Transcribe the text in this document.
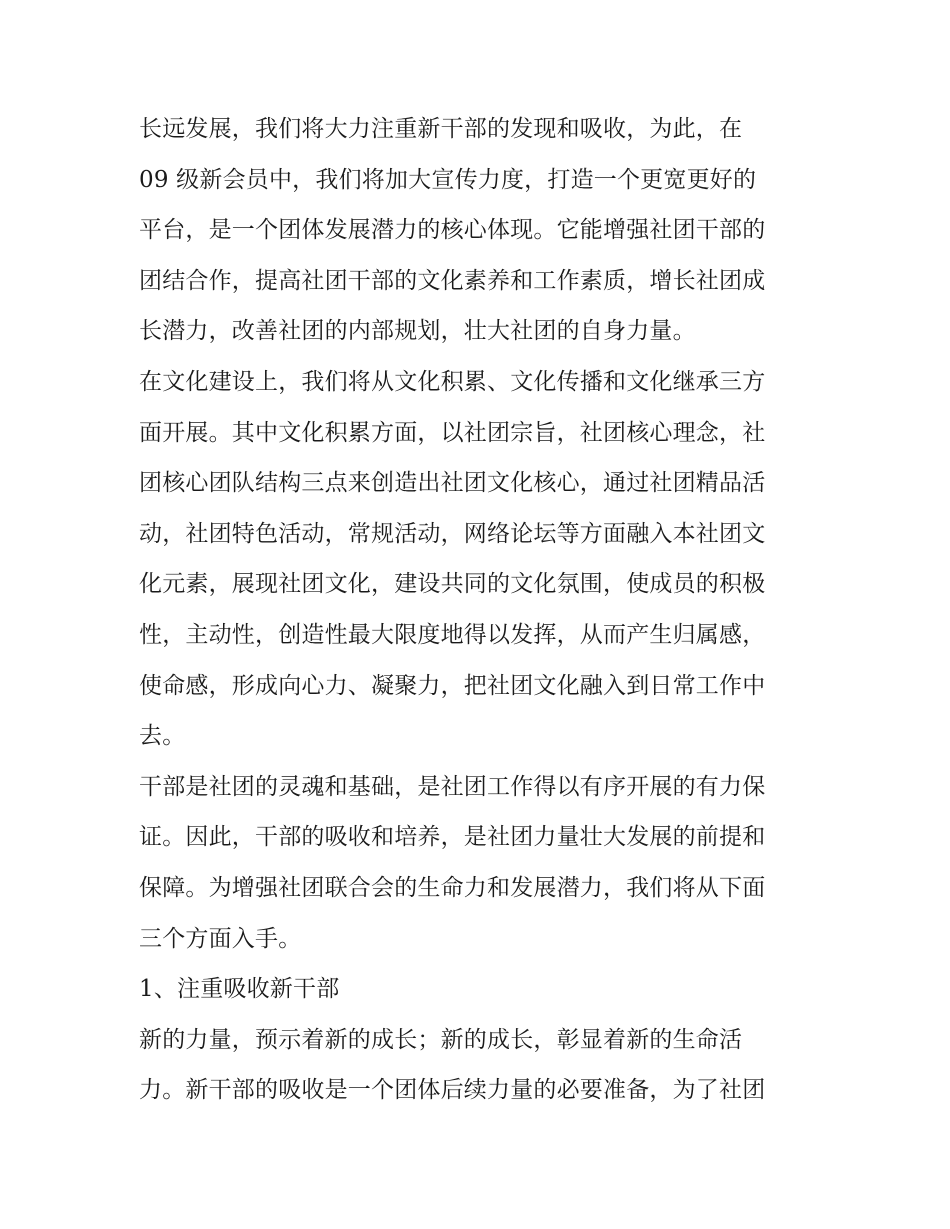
长远发展，我们将大力注重新干部的发现和吸收，为此，在
09 级新会员中，我们将加大宣传力度，打造一个更宽更好的
平台，是一个团体发展潜力的核心体现。它能增强社团干部的
团结合作，提高社团干部的文化素养和工作素质，增长社团成
长潜力，改善社团的内部规划，壮大社团的自身力量。
在文化建设上，我们将从文化积累、文化传播和文化继承三方
面开展。其中文化积累方面，以社团宗旨，社团核心理念，社
团核心团队结构三点来创造出社团文化核心，通过社团精品活
动，社团特色活动，常规活动，网络论坛等方面融入本社团文
化元素，展现社团文化，建设共同的文化氛围，使成员的积极
性，主动性，创造性最大限度地得以发挥，从而产生归属感，
使命感，形成向心力、凝聚力，把社团文化融入到日常工作中
去。
干部是社团的灵魂和基础，是社团工作得以有序开展的有力保
证。因此，干部的吸收和培养，是社团力量壮大发展的前提和
保障。为增强社团联合会的生命力和发展潜力，我们将从下面
三个方面入手。
1、注重吸收新干部
新的力量，预示着新的成长；新的成长，彰显着新的生命活
力。新干部的吸收是一个团体后续力量的必要准备，为了社团
